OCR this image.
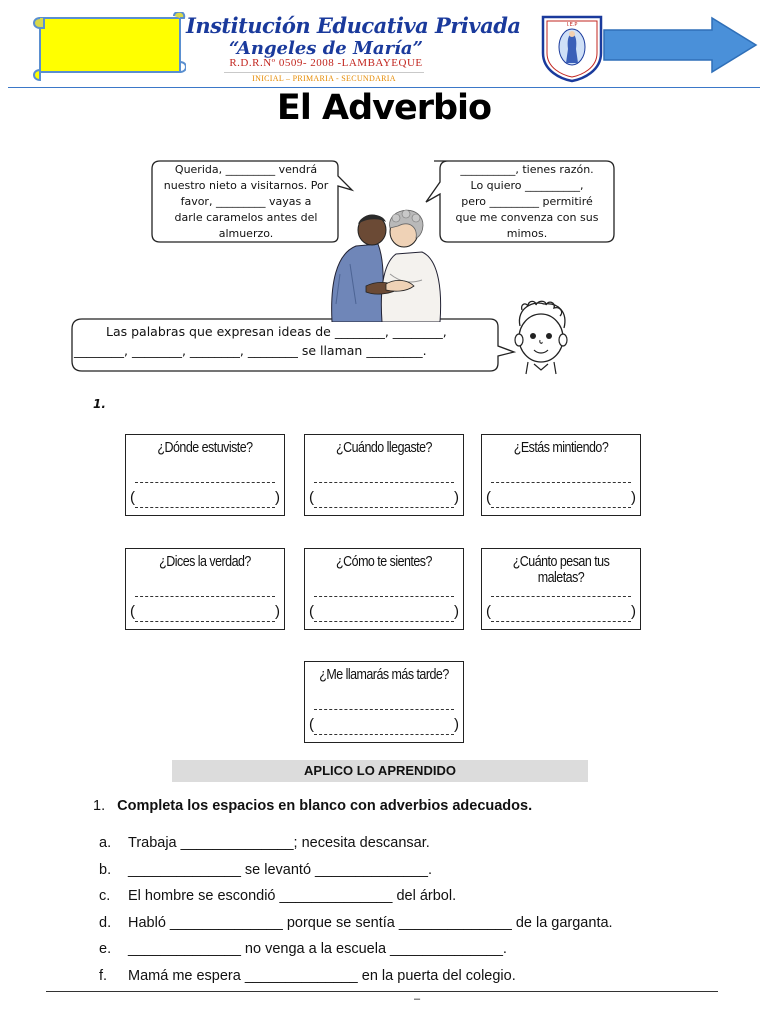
Institución Educativa Privada
“Angeles de María”
R.D.R.Nº 0509- 2008 -LAMBAYEQUE
INICIAL – PRIMARIA - SECUNDARIA
I.E.P
El Adverbio
Querida, _________ vendrá
nuestro nieto a visitarnos. Por
favor, _________ vayas a
darle caramelos antes del
almuerzo.
__________, tienes razón.
Lo quiero __________,
pero _________ permitiré
que me convenza con sus
mimos.
Las palabras que expresan ideas de ________, ________,
________, ________, ________, ________ se llaman _________.
1.
¿Dónde estuviste?
(	)
¿Cuándo llegaste?
(	)
¿Estás mintiendo?
(	)
¿Dices la verdad?
(	)
¿Cómo te sientes?
(	)
¿Cuánto pesan tus maletas?
(	)
¿Me llamarás más tarde?
(	)
APLICO LO APRENDIDO
1. Completa los espacios en blanco con adverbios adecuados.
a. Trabaja ______________; necesita descansar.
b. ______________ se levantó ______________.
c. El hombre se escondió ______________ del árbol.
d. Habló ______________ porque se sentía ______________ de la garganta.
e. ______________ no venga a la escuela ______________.
f. Mamá me espera ______________ en la puerta del colegio.
–
